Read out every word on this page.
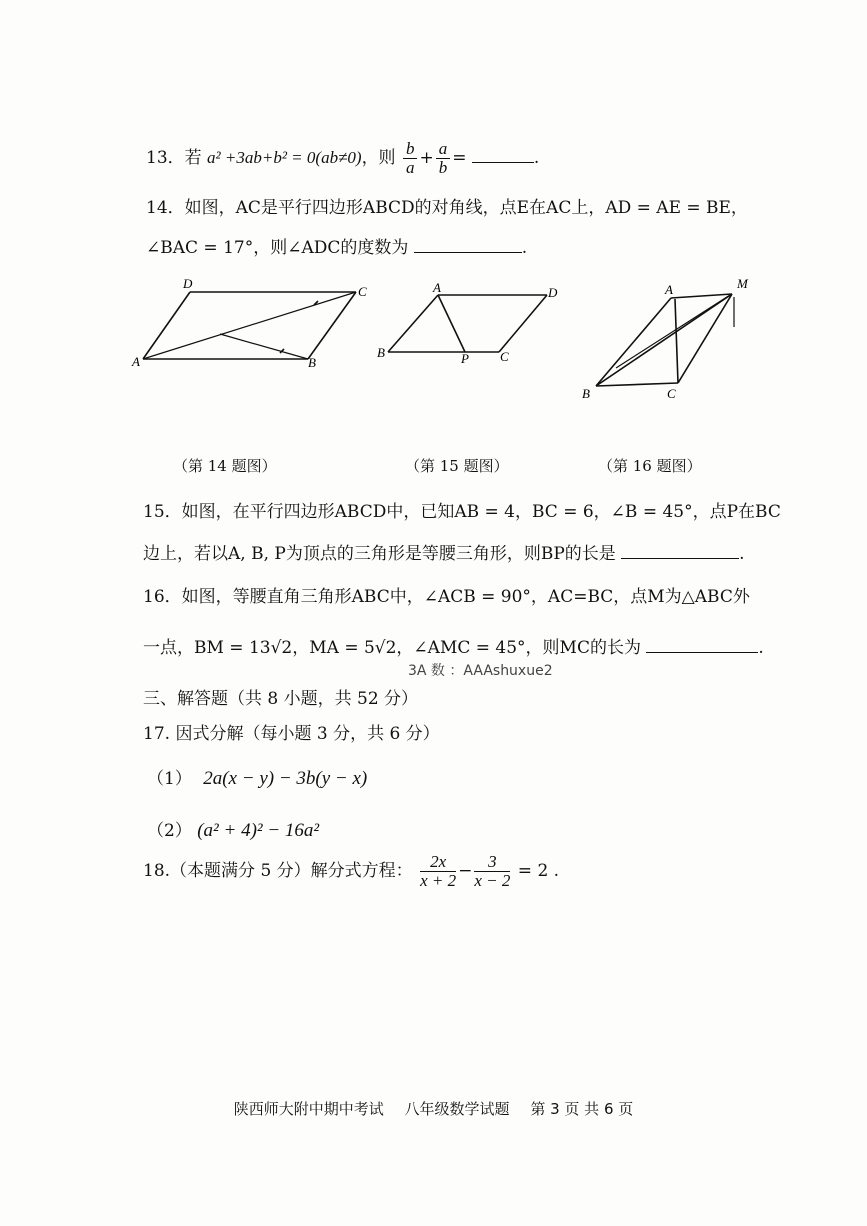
13．若 a² +3ab+b² = 0(ab≠0)，则 $\frac{b}{a} + \frac{a}{b}$ =	.
14．如图，AC是平行四边形ABCD的对角线，点E在AC上，AD = AE = BE，
∠BAC = 17°，则∠ADC的度数为	.
D
C
A	B
A	D
B	P C
A	M
B	C
（第 14 题图）	（第 15 题图）	（第 16 题图）
15．如图，在平行四边形ABCD中，已知AB = 4，BC = 6，∠B = 45°，点P在BC
边上，若以A, B, P为顶点的三角形是等腰三角形，则BP的长是	.
16．如图，等腰直角三角形ABC中，∠ACB = 90°，AC=BC，点M为△ABC外
一点，BM = 13√2，MA = 5√2，∠AMC = 45°，则MC的长为	.
3A 数 ：AAAshuxue2
三、解答题（共 8 小题，共 52 分）
17. 因式分解（每小题 3 分，共 6 分）
（1） 2a(x − y) − 3b(y − x)
（2） (a² + 4)² − 16a²
18.（本题满分 5 分）解分式方程： $\frac{2x}{x + 2} - \frac{3}{x - 2} = 2$ .
陕西师大附中期中考试 八年级数学试题 第 3 页 共 6 页
